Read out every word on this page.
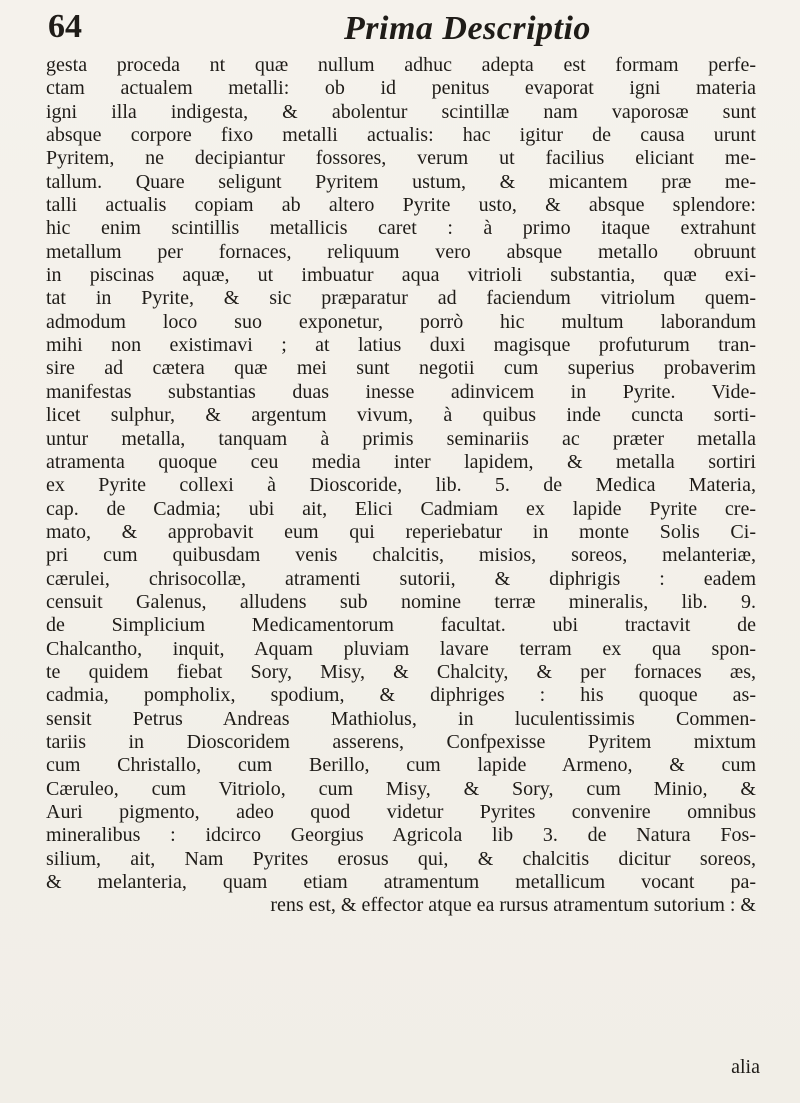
64	Prima Descriptio
gesta proceda nt quæ nullum adhuc adepta est formam perfe-
ctam actualem metalli: ob id penitus evaporat igni materia
igni illa indigesta, & abolentur scintillæ nam vaporosæ sunt
absque corpore fixo metalli actualis: hac igitur de causa urunt
Pyritem, ne decipiantur fossores, verum ut facilius eliciant me-
tallum. Quare seligunt Pyritem ustum, & micantem præ me-
talli actualis copiam ab altero Pyrite usto, & absque splendore:
hic enim scintillis metallicis caret : à primo itaque extrahunt
metallum per fornaces, reliquum vero absque metallo obruunt
in piscinas aquæ, ut imbuatur aqua vitrioli substantia, quæ exi-
tat in Pyrite, & sic præparatur ad faciendum vitriolum quem-
admodum loco suo exponetur, porrò hic multum laborandum
mihi non existimavi ; at latius duxi magisque profuturum tran-
sire ad cætera quæ mei sunt negotii cum superius probaverim
manifestas substantias duas inesse adinvicem in Pyrite. Vide-
licet sulphur, & argentum vivum, à quibus inde cuncta sorti-
untur metalla, tanquam à primis seminariis ac præter metalla
atramenta quoque ceu media inter lapidem, & metalla sortiri
ex Pyrite collexi à Dioscoride, lib. 5. de Medica Materia,
cap. de Cadmia; ubi ait, Elici Cadmiam ex lapide Pyrite cre-
mato, & approbavit eum qui reperiebatur in monte Solis Ci-
pri cum quibusdam venis chalcitis, misios, soreos, melanteriæ,
cærulei, chrisocollæ, atramenti sutorii, & diphrigis : eadem
censuit Galenus, alludens sub nomine terræ mineralis, lib. 9.
de Simplicium Medicamentorum facultat. ubi tractavit de
Chalcantho, inquit, Aquam pluviam lavare terram ex qua spon-
te quidem fiebat Sory, Misy, & Chalcity, & per fornaces æs,
cadmia, pompholix, spodium, & diphriges : his quoque as-
sensit Petrus Andreas Mathiolus, in luculentissimis Commen-
tariis in Dioscoridem asserens, Confpexisse Pyritem mixtum
cum Christallo, cum Berillo, cum lapide Armeno, & cum
Cæruleo, cum Vitriolo, cum Misy, & Sory, cum Minio, &
Auri pigmento, adeo quod videtur Pyrites convenire omnibus
mineralibus : idcirco Georgius Agricola lib 3. de Natura Fos-
silium, ait, Nam Pyrites erosus qui, & chalcitis dicitur soreos,
& melanteria, quam etiam atramentum metallicum vocant pa-
rens est, & effector atque ea rursus atramentum sutorium : &
alia
